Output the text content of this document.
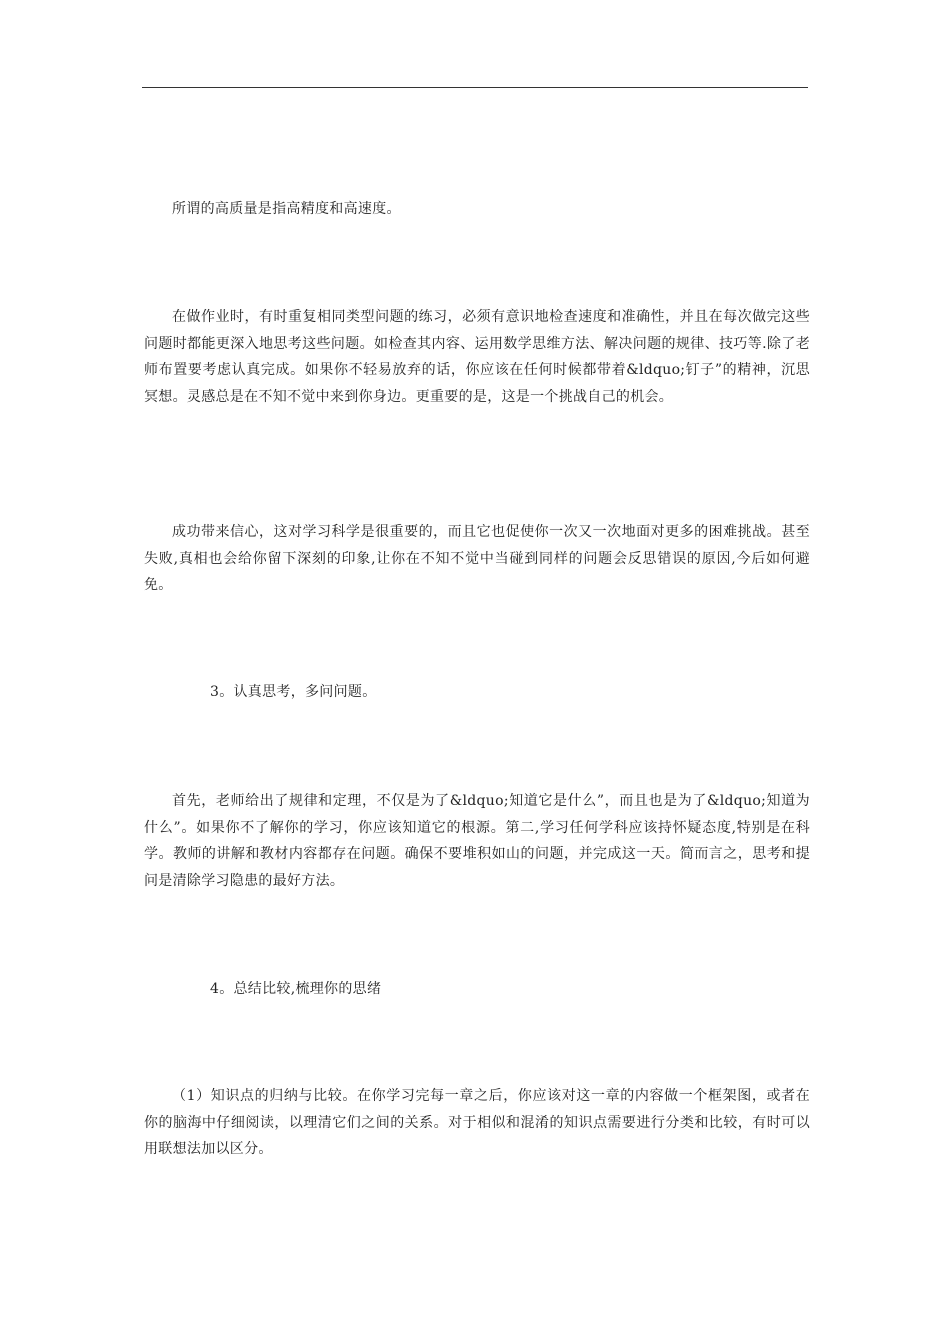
所谓的高质量是指高精度和高速度。

在做作业时，有时重复相同类型问题的练习，必须有意识地检查速度和准确性，并且在每次做完这些问题时都能更深入地思考这些问题。如检查其内容、运用数学思维方法、解决问题的规律、技巧等.除了老师布置要考虑认真完成。如果你不轻易放弃的话，你应该在任何时候都带着&ldquo;钉子”的精神，沉思冥想。灵感总是在不知不觉中来到你身边。更重要的是，这是一个挑战自己的机会。

成功带来信心，这对学习科学是很重要的，而且它也促使你一次又一次地面对更多的困难挑战。甚至失败,真相也会给你留下深刻的印象,让你在不知不觉中当碰到同样的问题会反思错误的原因,今后如何避免。

3。认真思考，多问问题。

首先，老师给出了规律和定理，不仅是为了&ldquo;知道它是什么”，而且也是为了&ldquo;知道为什么”。如果你不了解你的学习，你应该知道它的根源。第二,学习任何学科应该持怀疑态度,特别是在科学。教师的讲解和教材内容都存在问题。确保不要堆积如山的问题，并完成这一天。简而言之，思考和提问是清除学习隐患的最好方法。

4。总结比较,梳理你的思绪

（1）知识点的归纳与比较。在你学习完每一章之后，你应该对这一章的内容做一个框架图，或者在你的脑海中仔细阅读，以理清它们之间的关系。对于相似和混淆的知识点需要进行分类和比较，有时可以用联想法加以区分。
